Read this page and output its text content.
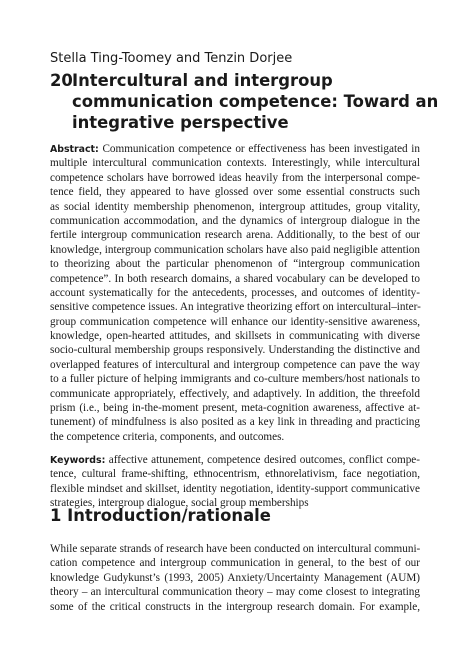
Stella Ting-Toomey and Tenzin Dorjee
20 Intercultural and intergroup
communication competence: Toward an
integrative perspective
Abstract: Communication competence or effectiveness has been investigated in
multiple intercultural communication contexts. Interestingly, while intercultural
competence scholars have borrowed ideas heavily from the interpersonal compe-
tence field, they appeared to have glossed over some essential constructs such
as social identity membership phenomenon, intergroup attitudes, group vitality,
communication accommodation, and the dynamics of intergroup dialogue in the
fertile intergroup communication research arena. Additionally, to the best of our
knowledge, intergroup communication scholars have also paid negligible attention
to theorizing about the particular phenomenon of “intergroup communication
competence”. In both research domains, a shared vocabulary can be developed to
account systematically for the antecedents, processes, and outcomes of identity-
sensitive competence issues. An integrative theorizing effort on intercultural–inter-
group communication competence will enhance our identity-sensitive awareness,
knowledge, open-hearted attitudes, and skillsets in communicating with diverse
socio-cultural membership groups responsively. Understanding the distinctive and
overlapped features of intercultural and intergroup competence can pave the way
to a fuller picture of helping immigrants and co-culture members/host nationals to
communicate appropriately, effectively, and adaptively. In addition, the threefold
prism (i.e., being in-the-moment present, meta-cognition awareness, affective at-
tunement) of mindfulness is also posited as a key link in threading and practicing
the competence criteria, components, and outcomes.
Keywords: affective attunement, competence desired outcomes, conflict compe-
tence, cultural frame-shifting, ethnocentrism, ethnorelativism, face negotiation,
flexible mindset and skillset, identity negotiation, identity-support communicative
strategies, intergroup dialogue, social group memberships
1 Introduction/rationale
While separate strands of research have been conducted on intercultural communi-
cation competence and intergroup communication in general, to the best of our
knowledge Gudykunst’s (1993, 2005) Anxiety/Uncertainty Management (AUM)
theory – an intercultural communication theory – may come closest to integrating
some of the critical constructs in the intergroup research domain. For example,
